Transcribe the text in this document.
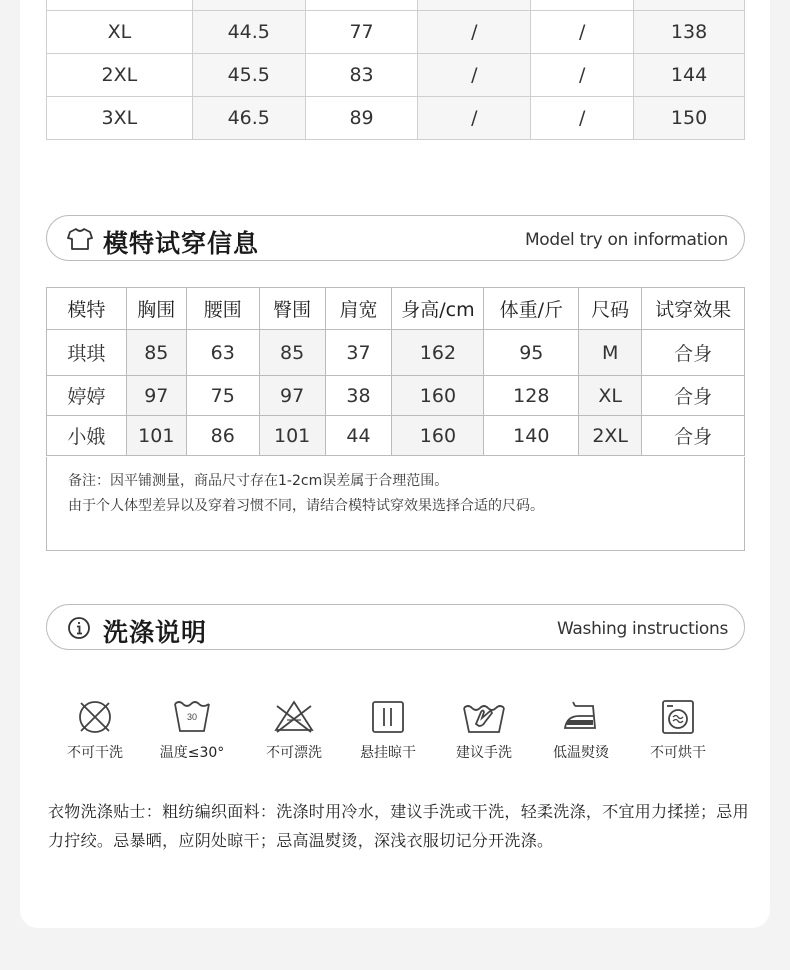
XL	44.5	77	/	/	138
2XL	45.5	83	/	/	144
3XL	46.5	89	/	/	150
模特试穿信息	Model try on information
模特	胸围	腰围	臀围	肩宽	身高/cm	体重/斤	尺码	试穿效果
琪琪	85	63	85	37	162	95	M	合身
婷婷	97	75	97	38	160	128	XL	合身
小娥	101	86	101	44	160	140	2XL	合身
备注：因平铺测量，商品尺寸存在1-2cm误差属于合理范围。
由于个人体型差异以及穿着习惯不同，请结合模特试穿效果选择合适的尺码。
洗涤说明	Washing instructions
不可干洗
30
温度≤30°	不可漂洗	悬挂晾干	建议手洗	低温熨烫	不可烘干
衣物洗涤贴士：粗纺编织面料：洗涤时用冷水，建议手洗或干洗，轻柔洗涤，不宜用力揉搓；忌用力拧绞。忌暴晒，应阴处晾干；忌高温熨烫，深浅衣服切记分开洗涤。
